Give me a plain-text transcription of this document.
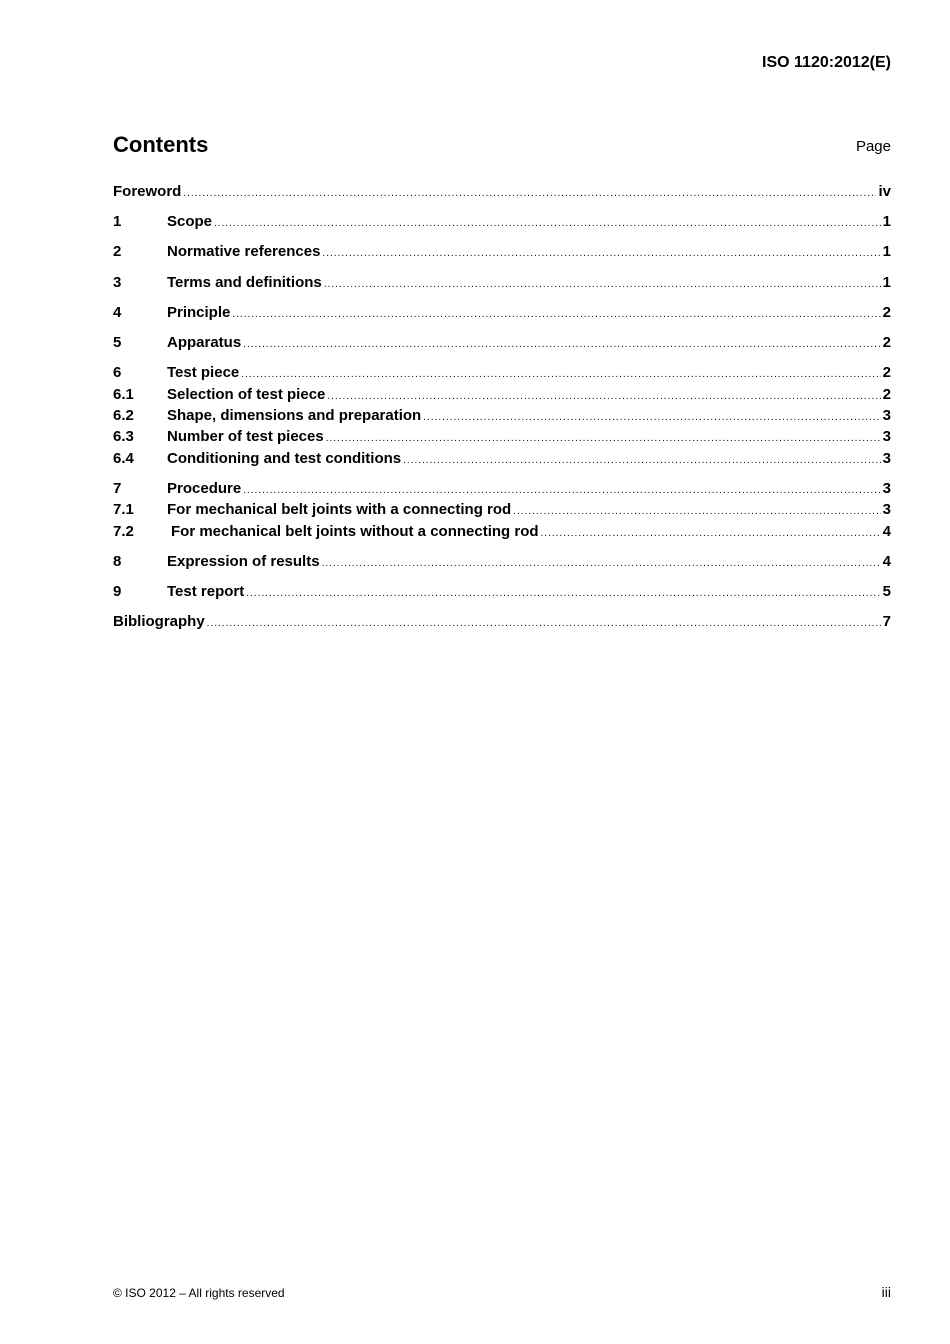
ISO 1120:2012(E)
Contents	Page
Foreword .....	iv
1	Scope .....	1
2	Normative references .....	1
3	Terms and definitions .....	1
4	Principle .....	2
5	Apparatus .....	2
6	Test piece .....	2
6.1	Selection of test piece .....	2
6.2	Shape, dimensions and preparation .....	3
6.3	Number of test pieces .....	3
6.4	Conditioning and test conditions .....	3
7	Procedure .....	3
7.1	For mechanical belt joints with a connecting rod .....	3
7.2	For mechanical belt joints without a connecting rod .....	4
8	Expression of results .....	4
9	Test report .....	5
Bibliography .....	7
© ISO 2012 – All rights reserved	iii
